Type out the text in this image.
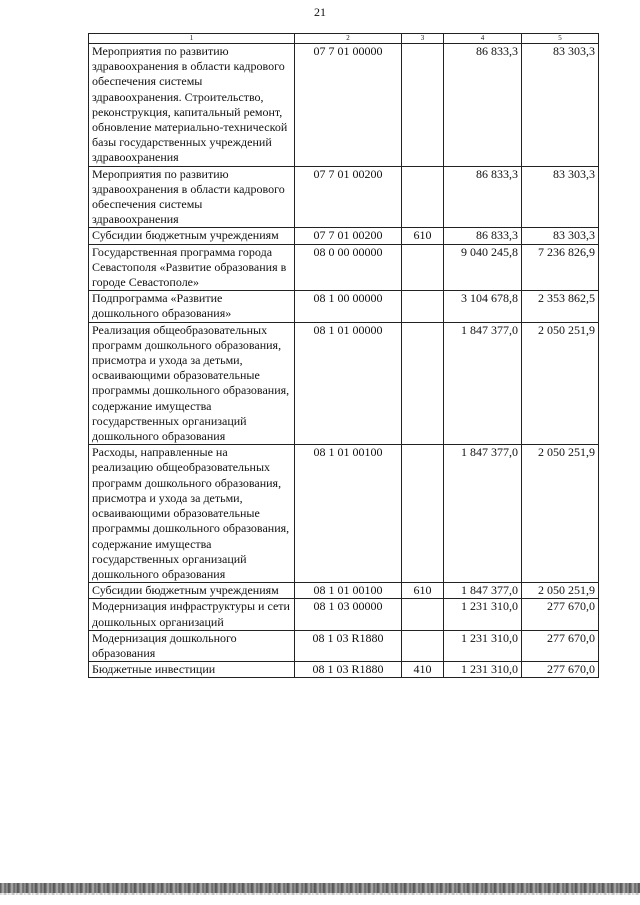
21
1	2	3	4	5
Мероприятия по развитию здравоохранения в области кадрового обеспечения системы здравоохранения. Строительство, реконструкция, капитальный ремонт, обновление материально-технической базы государственных учреждений здравоохранения	07 7 01 00000		86 833,3	83 303,3
Мероприятия по развитию здравоохранения в области кадрового обеспечения системы здравоохранения	07 7 01 00200		86 833,3	83 303,3
Субсидии бюджетным учреждениям	07 7 01 00200	610	86 833,3	83 303,3
Государственная программа города Севастополя «Развитие образования в городе Севастополе»	08 0 00 00000		9 040 245,8	7 236 826,9
Подпрограмма «Развитие дошкольного образования»	08 1 00 00000		3 104 678,8	2 353 862,5
Реализация общеобразовательных программ дошкольного образования, присмотра и ухода за детьми, осваивающими образовательные программы дошкольного образования, содержание имущества государственных организаций дошкольного образования	08 1 01 00000		1 847 377,0	2 050 251,9
Расходы, направленные на реализацию общеобразовательных программ дошкольного образования, присмотра и ухода за детьми, осваивающими образовательные программы дошкольного образования, содержание имущества государственных организаций дошкольного образования	08 1 01 00100		1 847 377,0	2 050 251,9
Субсидии бюджетным учреждениям	08 1 01 00100	610	1 847 377,0	2 050 251,9
Модернизация инфраструктуры и сети дошкольных организаций	08 1 03 00000		1 231 310,0	277 670,0
Модернизация дошкольного образования	08 1 03 R1880		1 231 310,0	277 670,0
Бюджетные инвестиции	08 1 03 R1880	410	1 231 310,0	277 670,0
